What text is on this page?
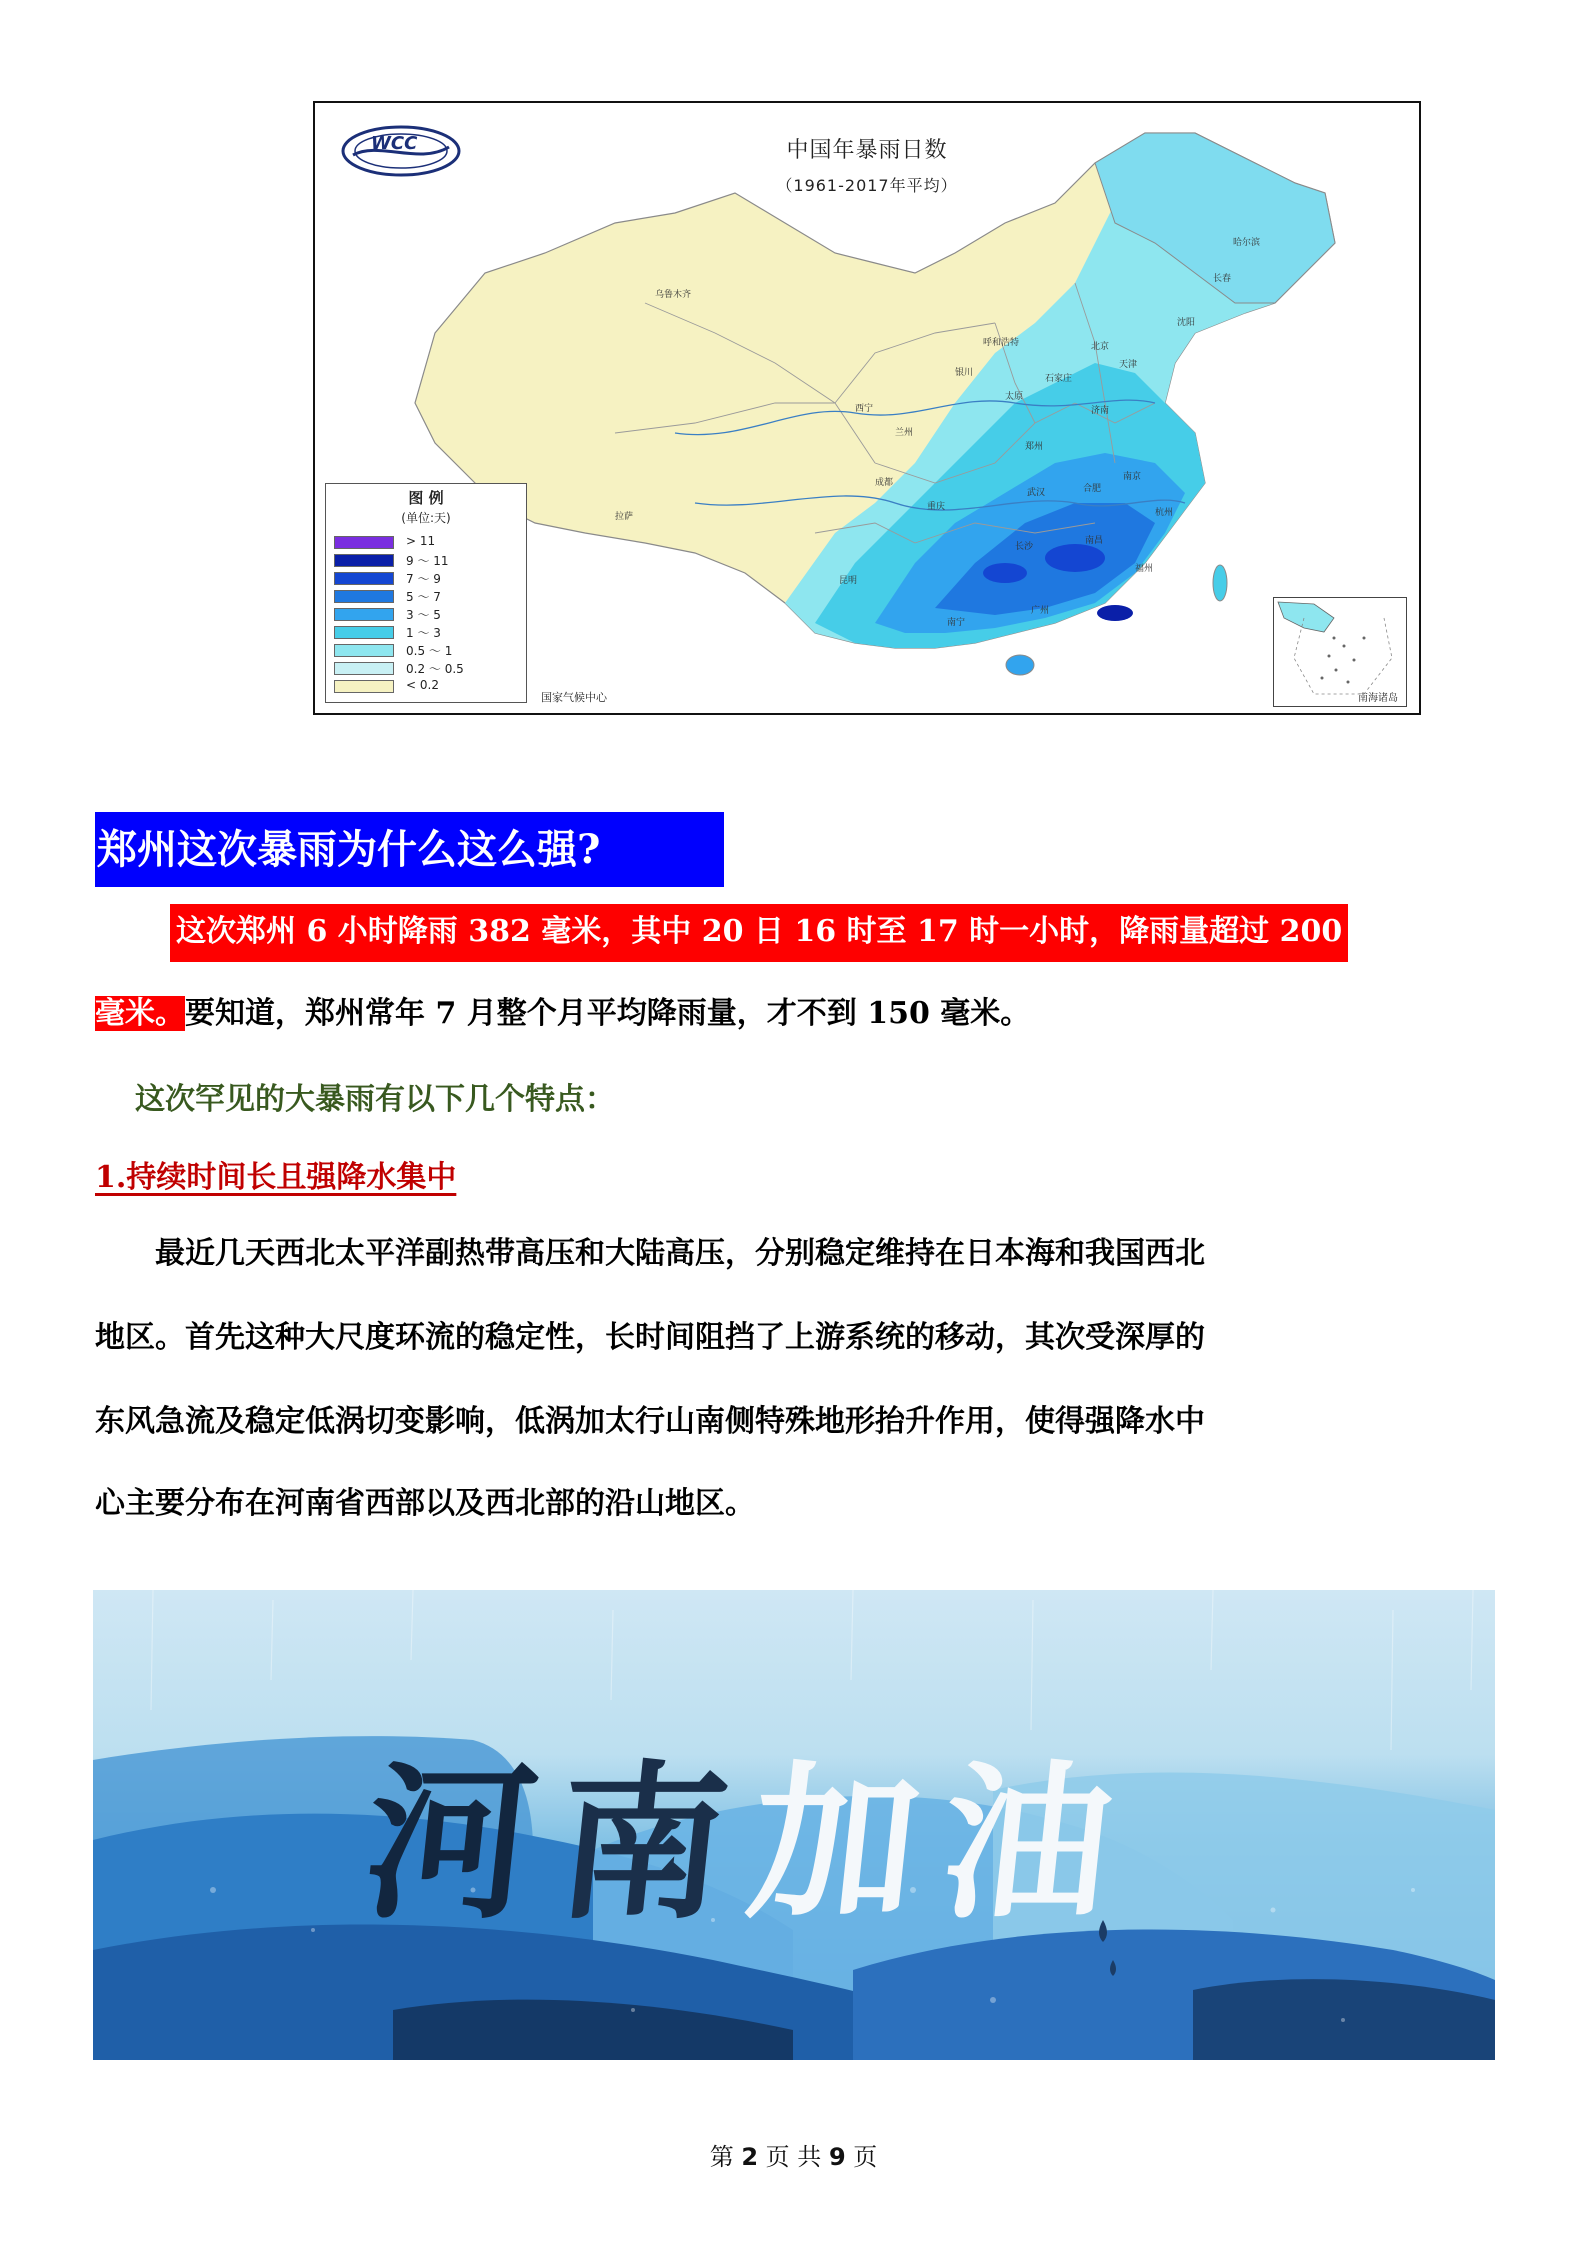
WCC	中国年暴雨日数
（1961-2017年平均）
图 例
(单位:天)
> 11
9 ～ 11
7 ～ 9
5 ～ 7
3 ～ 5
1 ～ 3
0.5 ～ 1
0.2 ～ 0.5
< 0.2
国家气候中心	南海诸岛
乌鲁木齐
拉萨
兰州
银川
西宁
成都
重庆
昆明
南宁
广州
长沙
武汉
南昌
福州
杭州
南京
合肥
郑州
济南
北京
天津
石家庄
太原
呼和浩特
沈阳
长春
哈尔滨
郑州这次暴雨为什么这么强?
这次郑州 6 小时降雨 382 毫米，其中 20 日 16 时至 17 时一小时，降雨量超过 200
毫米。要知道，郑州常年 7 月整个月平均降雨量，才不到 150 毫米。
这次罕见的大暴雨有以下几个特点：
1.持续时间长且强降水集中
　　最近几天西北太平洋副热带高压和大陆高压，分别稳定维持在日本海和我国西北
地区。首先这种大尺度环流的稳定性，长时间阻挡了上游系统的移动，其次受深厚的
东风急流及稳定低涡切变影响，低涡加太行山南侧特殊地形抬升作用，使得强降水中
心主要分布在河南省西部以及西北部的沿山地区。
河南加油
第 2 页 共 9 页
